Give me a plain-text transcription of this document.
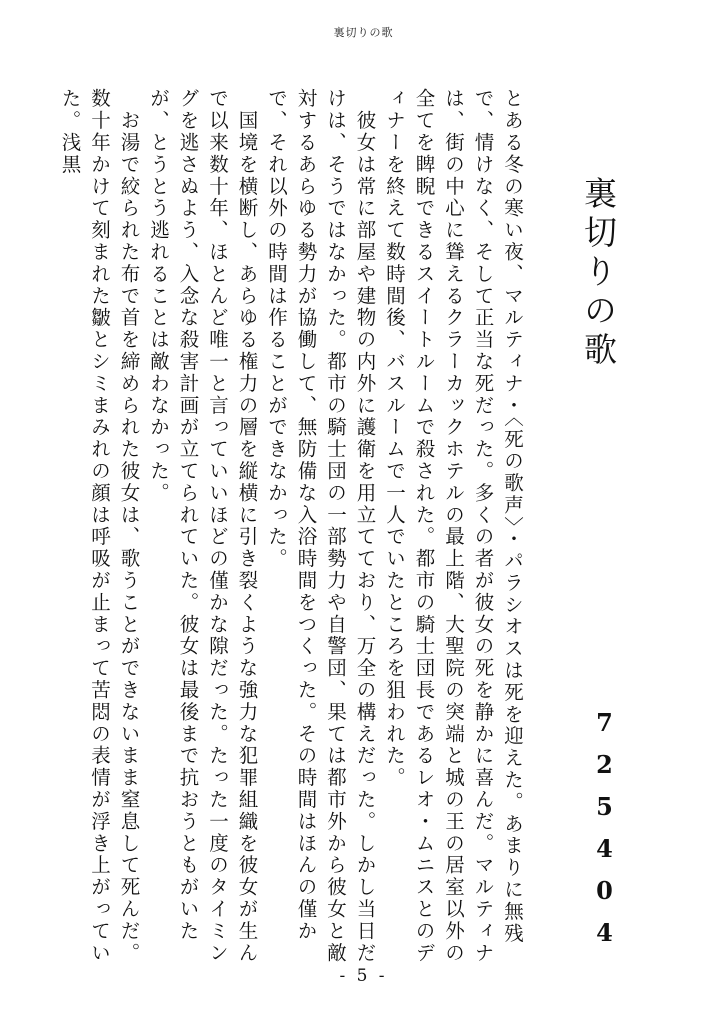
裏切りの歌
裏切りの歌
725404

とある冬の寒い夜、マルティナ・〈死の歌声〉・パラシオスは死を迎えた。あまりに無残で、情けなく、そして正当な死だった。多くの者が彼女の死を静かに喜んだ。マルティナは、街の中心に聳えるクラーカックホテルの最上階、大聖院の突端と城の王の居室以外の全てを睥睨できるスイートルームで殺された。都市の騎士団長であるレオ・ムニスとのディナーを終えて数時間後、バスルームで一人でいたところを狙われた。

　彼女は常に部屋や建物の内外に護衛を用立てており、万全の構えだった。しかし当日だけは、そうではなかった。都市の騎士団の一部勢力や自警団、果ては都市外から彼女と敵対するあらゆる勢力が協働して、無防備な入浴時間をつくった。その時間はほんの僅かで、それ以外の時間は作ることができなかった。

　国境を横断し、あらゆる権力の層を縦横に引き裂くような強力な犯罪組織を彼女が生んで以来数十年、ほとんど唯一と言っていいほどの僅かな隙だった。たった一度のタイミングを逃さぬよう、入念な殺害計画が立てられていた。彼女は最後まで抗おうともがいたが、とうとう逃れることは敵わなかった。

　お湯で絞られた布で首を締められた彼女は、歌うことができないまま窒息して死んだ。数十年かけて刻まれた皺とシミまみれの顔は呼吸が止まって苦悶の表情が浮き上がっていた。浅黒

- 5 -
